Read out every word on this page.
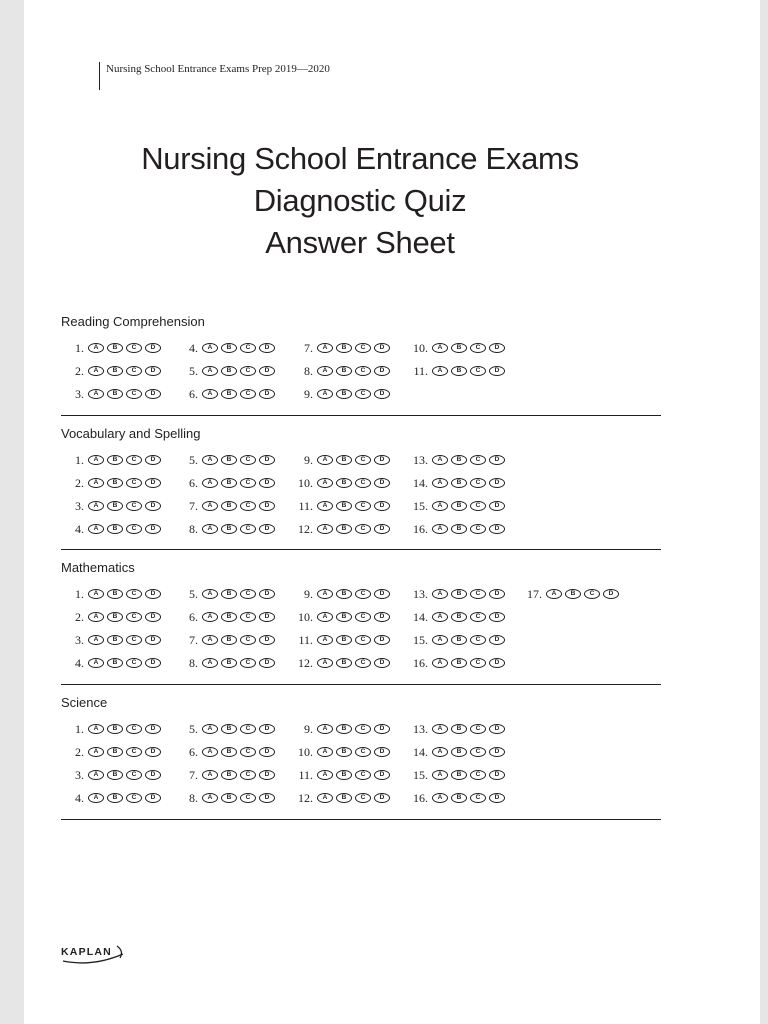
Nursing School Entrance Exams Prep 2019—2020
Nursing School Entrance Exams
Diagnostic Quiz
Answer Sheet
Reading Comprehension
1.	A	B	C	D
2.	A	B	C	D
3.	A	B	C	D
4.	A	B	C	D
5.	A	B	C	D
6.	A	B	C	D
7.	A	B	C	D
8.	A	B	C	D
9.	A	B	C	D
10.	A	B	C	D
11.	A	B	C	D
Vocabulary and Spelling
1.	A	B	C	D
2.	A	B	C	D
3.	A	B	C	D
4.	A	B	C	D
5.	A	B	C	D
6.	A	B	C	D
7.	A	B	C	D
8.	A	B	C	D
9.	A	B	C	D
10.	A	B	C	D
11.	A	B	C	D
12.	A	B	C	D
13.	A	B	C	D
14.	A	B	C	D
15.	A	B	C	D
16.	A	B	C	D
Mathematics
1.	A	B	C	D
2.	A	B	C	D
3.	A	B	C	D
4.	A	B	C	D
5.	A	B	C	D
6.	A	B	C	D
7.	A	B	C	D
8.	A	B	C	D
9.	A	B	C	D
10.	A	B	C	D
11.	A	B	C	D
12.	A	B	C	D
13.	A	B	C	D
14.	A	B	C	D
15.	A	B	C	D
16.	A	B	C	D
17.	A	B	C	D
Science
1.	A	B	C	D
2.	A	B	C	D
3.	A	B	C	D
4.	A	B	C	D
5.	A	B	C	D
6.	A	B	C	D
7.	A	B	C	D
8.	A	B	C	D
9.	A	B	C	D
10.	A	B	C	D
11.	A	B	C	D
12.	A	B	C	D
13.	A	B	C	D
14.	A	B	C	D
15.	A	B	C	D
16.	A	B	C	D
KAPLAN
